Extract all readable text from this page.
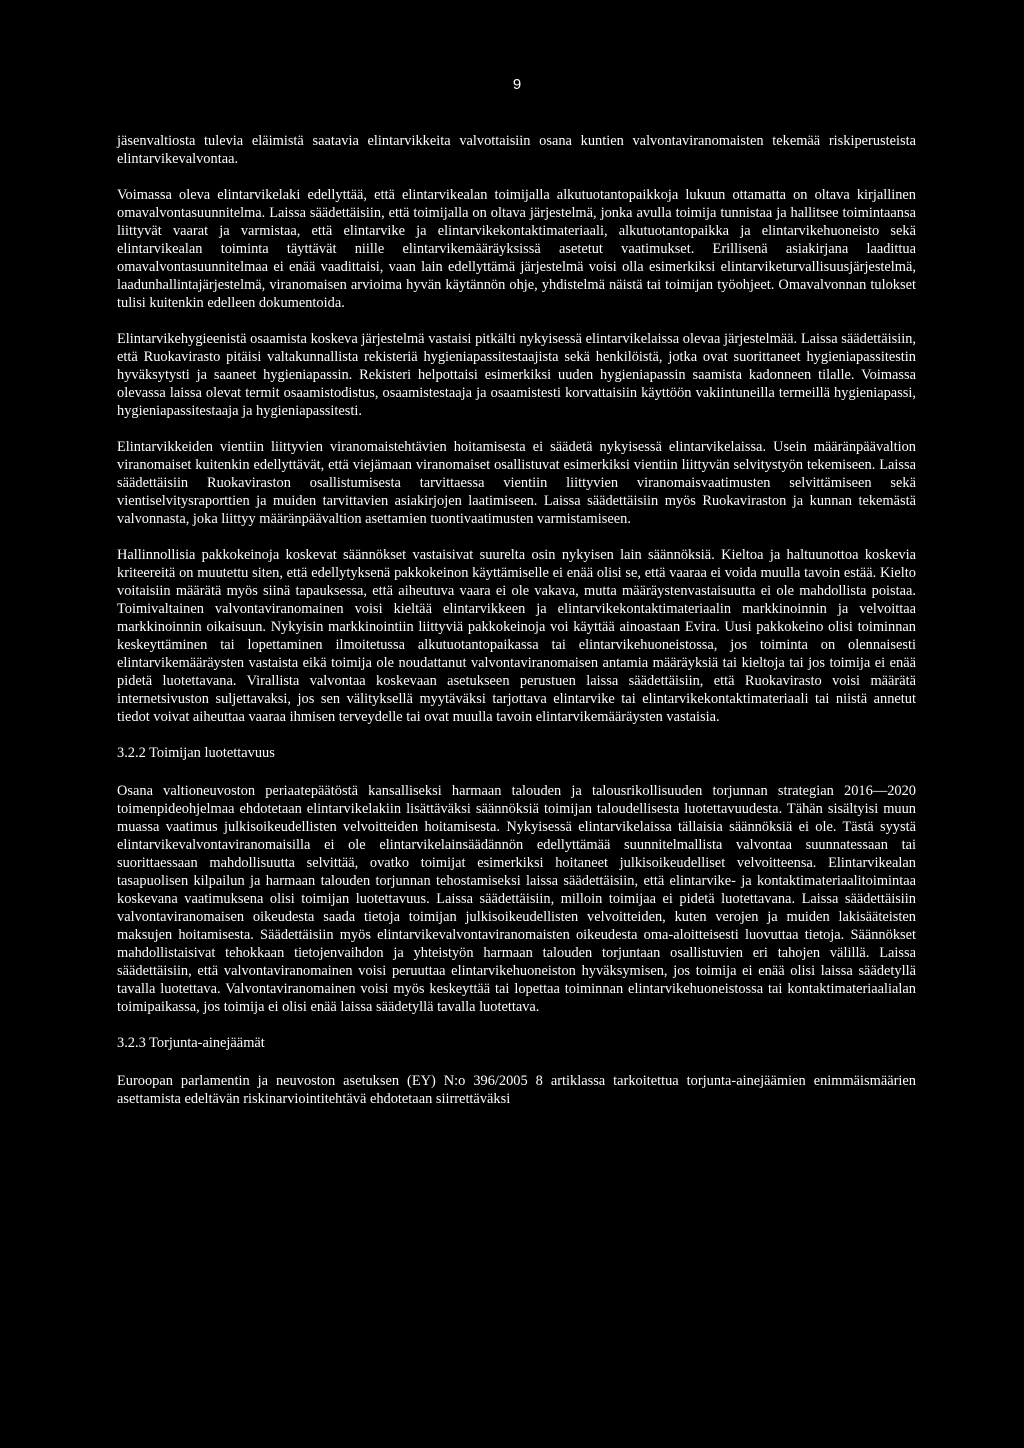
9

jäsenvaltiosta tulevia eläimistä saatavia elintarvikkeita valvottaisiin osana kuntien valvontaviranomaisten tekemää riskiperusteista elintarvikevalvontaa.

Voimassa oleva elintarvikelaki edellyttää, että elintarvikealan toimijalla alkutuotantopaikkoja lukuun ottamatta on oltava kirjallinen omavalvontasuunnitelma. Laissa säädettäisiin, että toimijalla on oltava järjestelmä, jonka avulla toimija tunnistaa ja hallitsee toimintaansa liittyvät vaarat ja varmistaa, että elintarvike ja elintarvikekontaktimateriaali, alkutuotantopaikka ja elintarvikehuoneisto sekä elintarvikealan toiminta täyttävät niille elintarvikemääräyksissä asetetut vaatimukset. Erillisenä asiakirjana laadittua omavalvontasuunnitelmaa ei enää vaadittaisi, vaan lain edellyttämä järjestelmä voisi olla esimerkiksi elintarviketurvallisuusjärjestelmä, laadunhallintajärjestelmä, viranomaisen arvioima hyvän käytännön ohje, yhdistelmä näistä tai toimijan työohjeet. Omavalvonnan tulokset tulisi kuitenkin edelleen dokumentoida.

Elintarvikehygieenistä osaamista koskeva järjestelmä vastaisi pitkälti nykyisessä elintarvikelaissa olevaa järjestelmää. Laissa säädettäisiin, että Ruokavirasto pitäisi valtakunnallista rekisteriä hygieniapassitestaajista sekä henkilöistä, jotka ovat suorittaneet hygieniapassitestin hyväksytysti ja saaneet hygieniapassin. Rekisteri helpottaisi esimerkiksi uuden hygieniapassin saamista kadonneen tilalle. Voimassa olevassa laissa olevat termit osaamistodistus, osaamistestaaja ja osaamistesti korvattaisiin käyttöön vakiintuneilla termeillä hygieniapassi, hygieniapassitestaaja ja hygieniapassitesti.

Elintarvikkeiden vientiin liittyvien viranomaistehtävien hoitamisesta ei säädetä nykyisessä elintarvikelaissa. Usein määränpäävaltion viranomaiset kuitenkin edellyttävät, että viejämaan viranomaiset osallistuvat esimerkiksi vientiin liittyvän selvitystyön tekemiseen. Laissa säädettäisiin Ruokaviraston osallistumisesta tarvittaessa vientiin liittyvien viranomaisvaatimusten selvittämiseen sekä vientiselvitysraporttien ja muiden tarvittavien asiakirjojen laatimiseen. Laissa säädettäisiin myös Ruokaviraston ja kunnan tekemästä valvonnasta, joka liittyy määränpäävaltion asettamien tuontivaatimusten varmistamiseen.

Hallinnollisia pakkokeinoja koskevat säännökset vastaisivat suurelta osin nykyisen lain säännöksiä. Kieltoa ja haltuunottoa koskevia kriteereitä on muutettu siten, että edellytyksenä pakkokeinon käyttämiselle ei enää olisi se, että vaaraa ei voida muulla tavoin estää. Kielto voitaisiin määrätä myös siinä tapauksessa, että aiheutuva vaara ei ole vakava, mutta määräystenvastaisuutta ei ole mahdollista poistaa. Toimivaltainen valvontaviranomainen voisi kieltää elintarvikkeen ja elintarvikekontaktimateriaalin markkinoinnin ja velvoittaa markkinoinnin oikaisuun. Nykyisin markkinointiin liittyviä pakkokeinoja voi käyttää ainoastaan Evira. Uusi pakkokeino olisi toiminnan keskeyttäminen tai lopettaminen ilmoitetussa alkutuotantopaikassa tai elintarvikehuoneistossa, jos toiminta on olennaisesti elintarvikemääräysten vastaista eikä toimija ole noudattanut valvontaviranomaisen antamia määräyksiä tai kieltoja tai jos toimija ei enää pidetä luotettavana. Virallista valvontaa koskevaan asetukseen perustuen laissa säädettäisiin, että Ruokavirasto voisi määrätä internetsivuston suljettavaksi, jos sen välityksellä myytäväksi tarjottava elintarvike tai elintarvikekontaktimateriaali tai niistä annetut tiedot voivat aiheuttaa vaaraa ihmisen terveydelle tai ovat muulla tavoin elintarvikemääräysten vastaisia.

3.2.2 Toimijan luotettavuus

Osana valtioneuvoston periaatepäätöstä kansalliseksi harmaan talouden ja talousrikollisuuden torjunnan strategian 2016—2020 toimenpideohjelmaa ehdotetaan elintarvikelakiin lisättäväksi säännöksiä toimijan taloudellisesta luotettavuudesta. Tähän sisältyisi muun muassa vaatimus julkisoikeudellisten velvoitteiden hoitamisesta. Nykyisessä elintarvikelaissa tällaisia säännöksiä ei ole. Tästä syystä elintarvikevalvontaviranomaisilla ei ole elintarvikelainsäädännön edellyttämää suunnitelmallista valvontaa suunnatessaan tai suorittaessaan mahdollisuutta selvittää, ovatko toimijat esimerkiksi hoitaneet julkisoikeudelliset velvoitteensa. Elintarvikealan tasapuolisen kilpailun ja harmaan talouden torjunnan tehostamiseksi laissa säädettäisiin, että elintarvike- ja kontaktimateriaalitoimintaa koskevana vaatimuksena olisi toimijan luotettavuus. Laissa säädettäisiin, milloin toimijaa ei pidetä luotettavana. Laissa säädettäisiin valvontaviranomaisen oikeudesta saada tietoja toimijan julkisoikeudellisten velvoitteiden, kuten verojen ja muiden lakisääteisten maksujen hoitamisesta. Säädettäisiin myös elintarvikevalvontaviranomaisten oikeudesta oma-aloitteisesti luovuttaa tietoja. Säännökset mahdollistaisivat tehokkaan tietojenvaihdon ja yhteistyön harmaan talouden torjuntaan osallistuvien eri tahojen välillä. Laissa säädettäisiin, että valvontaviranomainen voisi peruuttaa elintarvikehuoneiston hyväksymisen, jos toimija ei enää olisi laissa säädetyllä tavalla luotettava. Valvontaviranomainen voisi myös keskeyttää tai lopettaa toiminnan elintarvikehuoneistossa tai kontaktimateriaalialan toimipaikassa, jos toimija ei olisi enää laissa säädetyllä tavalla luotettava.

3.2.3 Torjunta-ainejäämät

Euroopan parlamentin ja neuvoston asetuksen (EY) N:o 396/2005 8 artiklassa tarkoitettua torjunta-ainejäämien enimmäismäärien asettamista edeltävän riskinarviointitehtävä ehdotetaan siirrettäväksi
